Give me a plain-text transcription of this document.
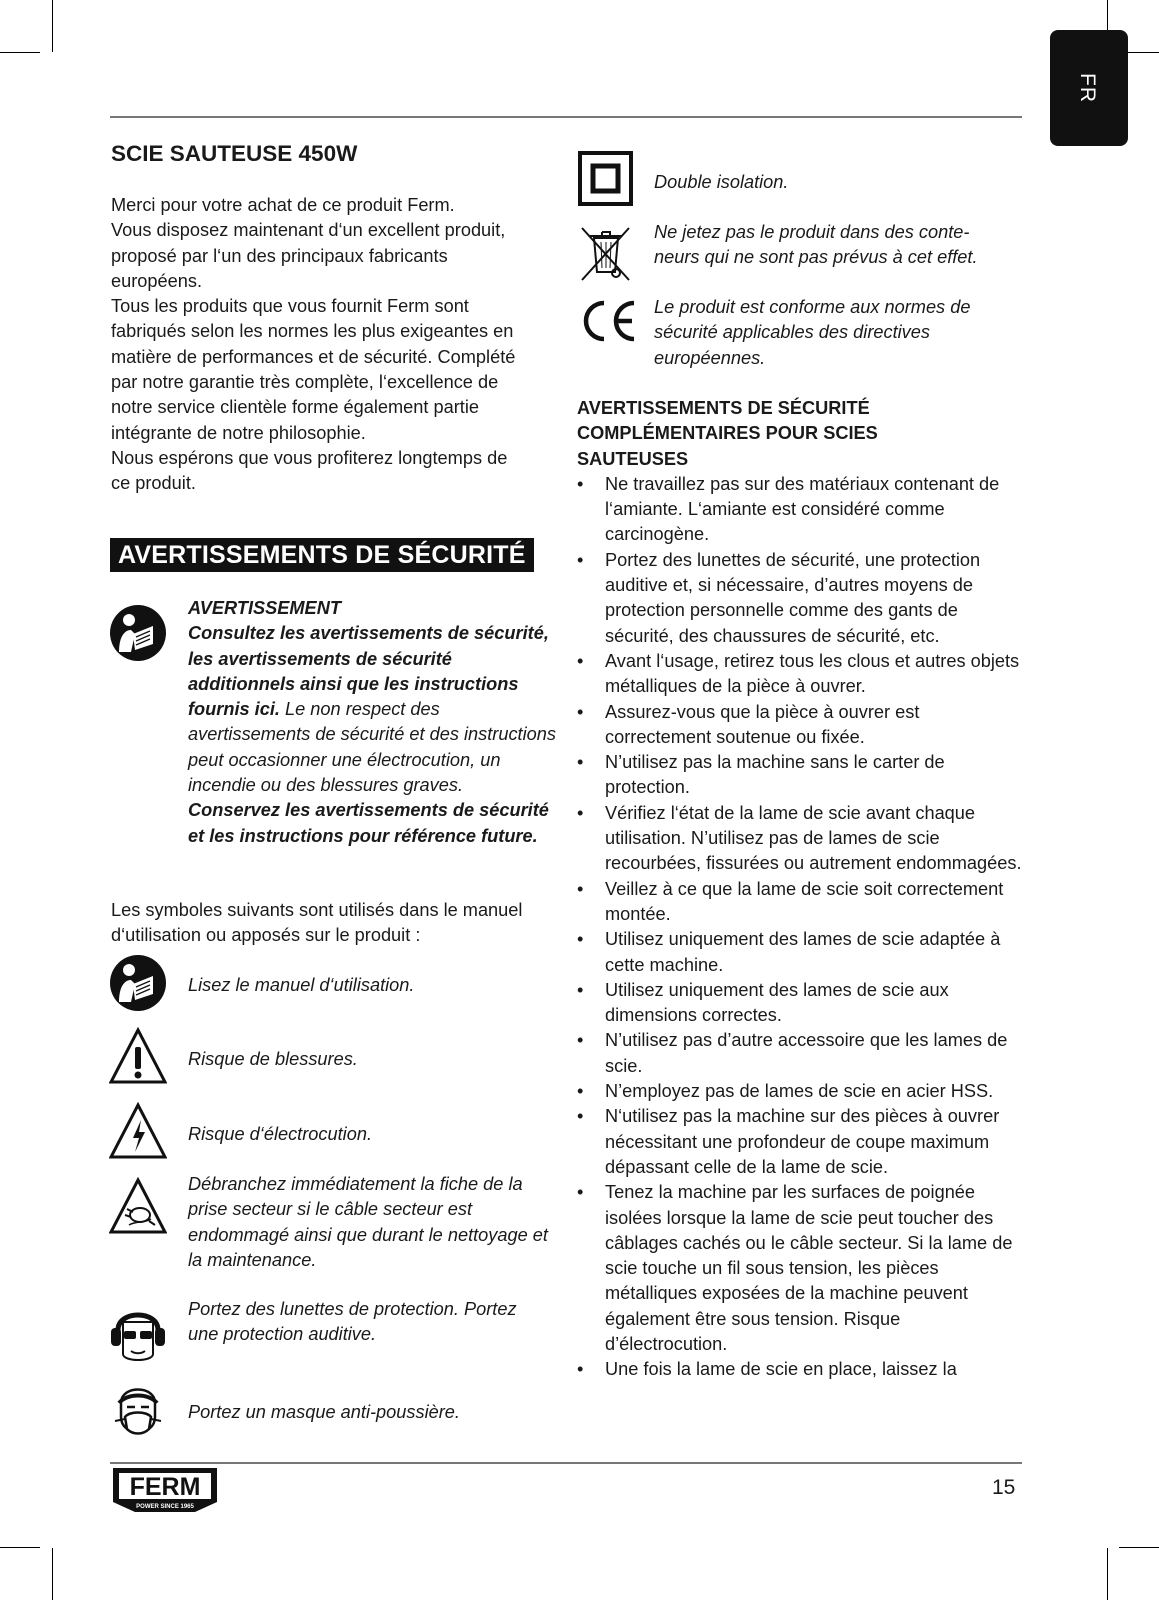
FR
SCIE SAUTEUSE 450W

Merci pour votre achat de ce produit Ferm.

Vous disposez maintenant d‘un excellent produit,

proposé par l‘un des principaux fabricants

européens.

Tous les produits que vous fournit Ferm sont

fabriqués selon les normes les plus exigeantes en

matière de performances et de sécurité. Complété

par notre garantie très complète, l‘excellence de

notre service clientèle forme également partie

intégrante de notre philosophie.

Nous espérons que vous profiterez longtemps de

ce produit.

AVERTISSEMENTS DE SÉCURITÉ
AVERTISSEMENT
Consultez les avertissements de sécurité, les avertissements de sécurité additionnels ainsi que les instructions fournis ici. Le non respect des avertissements de sécurité et des instructions peut occasionner une électrocution, un incendie ou des blessures graves. Conservez les avertissements de sécurité et les instructions pour référence future.
Les symboles suivants sont utilisés dans le manuel d‘utilisation ou apposés sur le produit :
Lisez le manuel d‘utilisation.
Risque de blessures.
Risque d‘électrocution.
Débranchez immédiatement la fiche de la prise secteur si le câble secteur est endommagé ainsi que durant le nettoyage et la maintenance.
Portez des lunettes de protection. Portez une protection auditive.
Portez un masque anti-poussière.
Double isolation.
Ne jetez pas le produit dans des conte-neurs qui ne sont pas prévus à cet effet.
Le produit est conforme aux normes de sécurité applicables des directives européennes.
AVERTISSEMENTS DE SÉCURITÉ COMPLÉMENTAIRES POUR SCIES SAUTEUSES
• Ne travaillez pas sur des matériaux contenant de l‘amiante. L‘amiante est considéré comme carcinogène.
• Portez des lunettes de sécurité, une protection auditive et, si nécessaire, d’autres moyens de protection personnelle comme des gants de sécurité, des chaussures de sécurité, etc.
• Avant l‘usage, retirez tous les clous et autres objets métalliques de la pièce à ouvrer.
• Assurez-vous que la pièce à ouvrer est correctement soutenue ou fixée.
• N’utilisez pas la machine sans le carter de protection.
• Vérifiez l‘état de la lame de scie avant chaque utilisation. N’utilisez pas de lames de scie recourbées, fissurées ou autrement endommagées.
• Veillez à ce que la lame de scie soit correctement montée.
• Utilisez uniquement des lames de scie adaptée à cette machine.
• Utilisez uniquement des lames de scie aux dimensions correctes.
• N’utilisez pas d’autre accessoire que les lames de scie.
• N’employez pas de lames de scie en acier HSS.
• N‘utilisez pas la machine sur des pièces à ouvrer nécessitant une profondeur de coupe maximum dépassant celle de la lame de scie.
• Tenez la machine par les surfaces de poignée isolées lorsque la lame de scie peut toucher des câblages cachés ou le câble secteur. Si la lame de scie touche un fil sous tension, les pièces métalliques exposées de la machine peuvent également être sous tension. Risque d’électrocution.
• Une fois la lame de scie en place, laissez la
FERM
POWER SINCE 1965
15
